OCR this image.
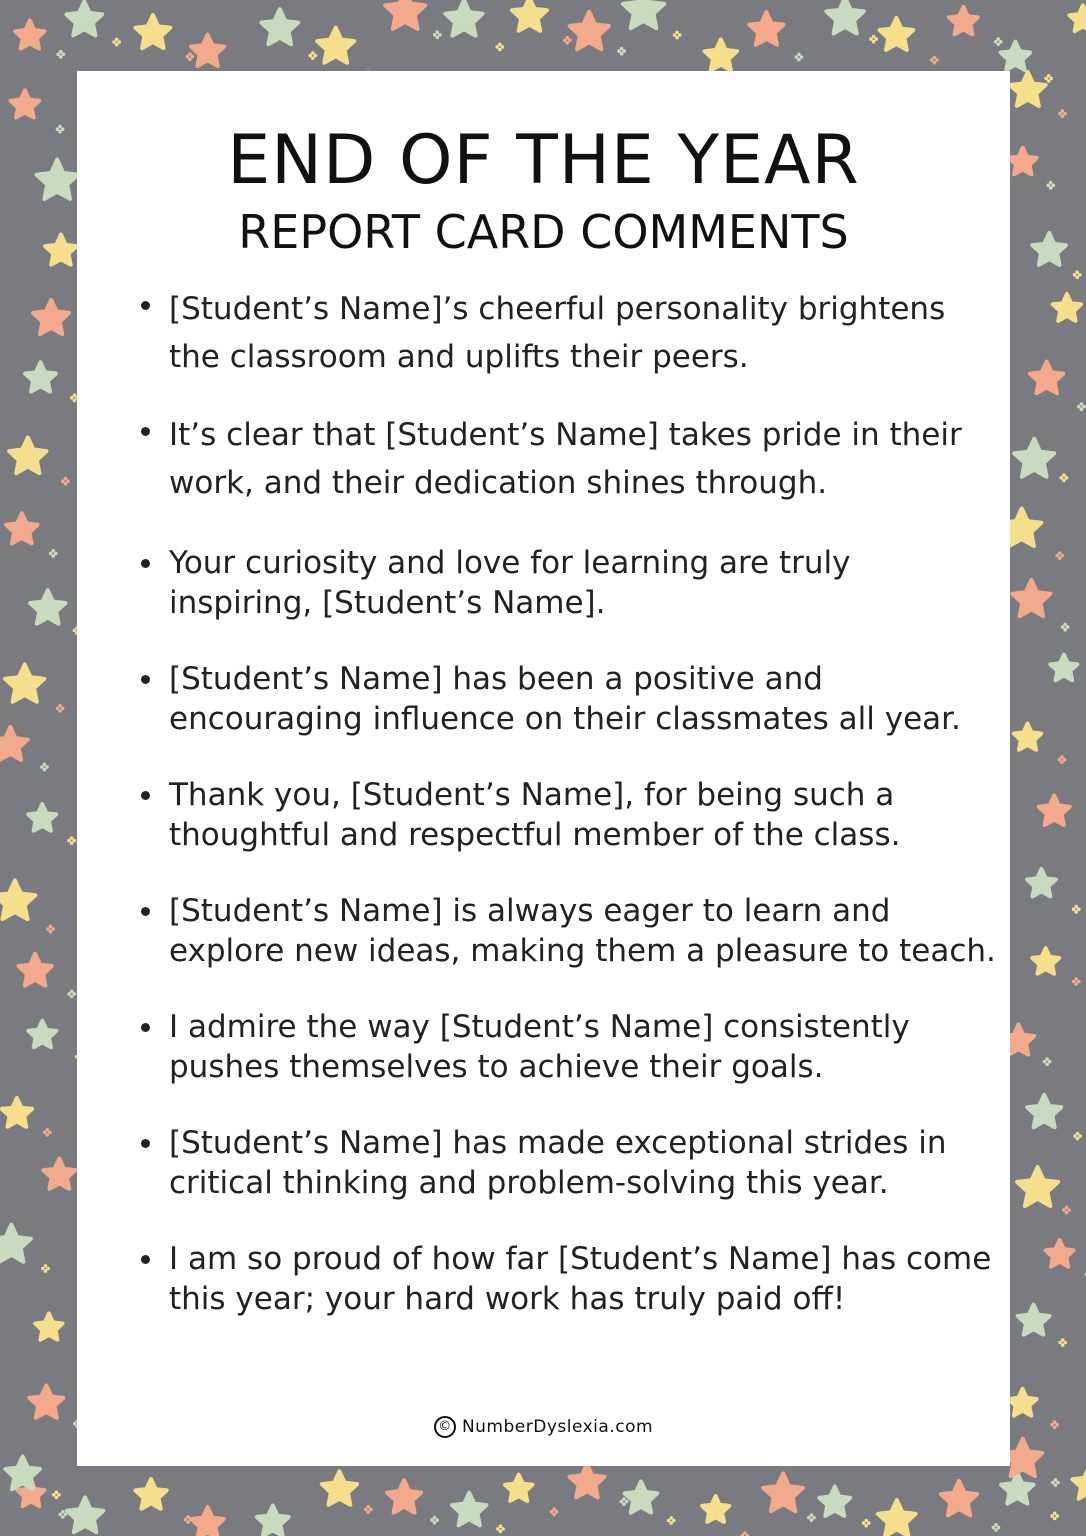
END OF THE YEAR
REPORT CARD COMMENTS
[Student’s Name]’s cheerful personality brightens the classroom and uplifts their peers.
It’s clear that [Student’s Name] takes pride in their work, and their dedication shines through.
Your curiosity and love for learning are truly inspiring, [Student’s Name].
[Student’s Name] has been a positive and encouraging influence on their classmates all year.
Thank you, [Student’s Name], for being such a thoughtful and respectful member of the class.
[Student’s Name] is always eager to learn and explore new ideas, making them a pleasure to teach.
I admire the way [Student’s Name] consistently pushes themselves to achieve their goals.
[Student’s Name] has made exceptional strides in critical thinking and problem-solving this year.
I am so proud of how far [Student’s Name] has come this year; your hard work has truly paid off!
© NumberDyslexia.com
